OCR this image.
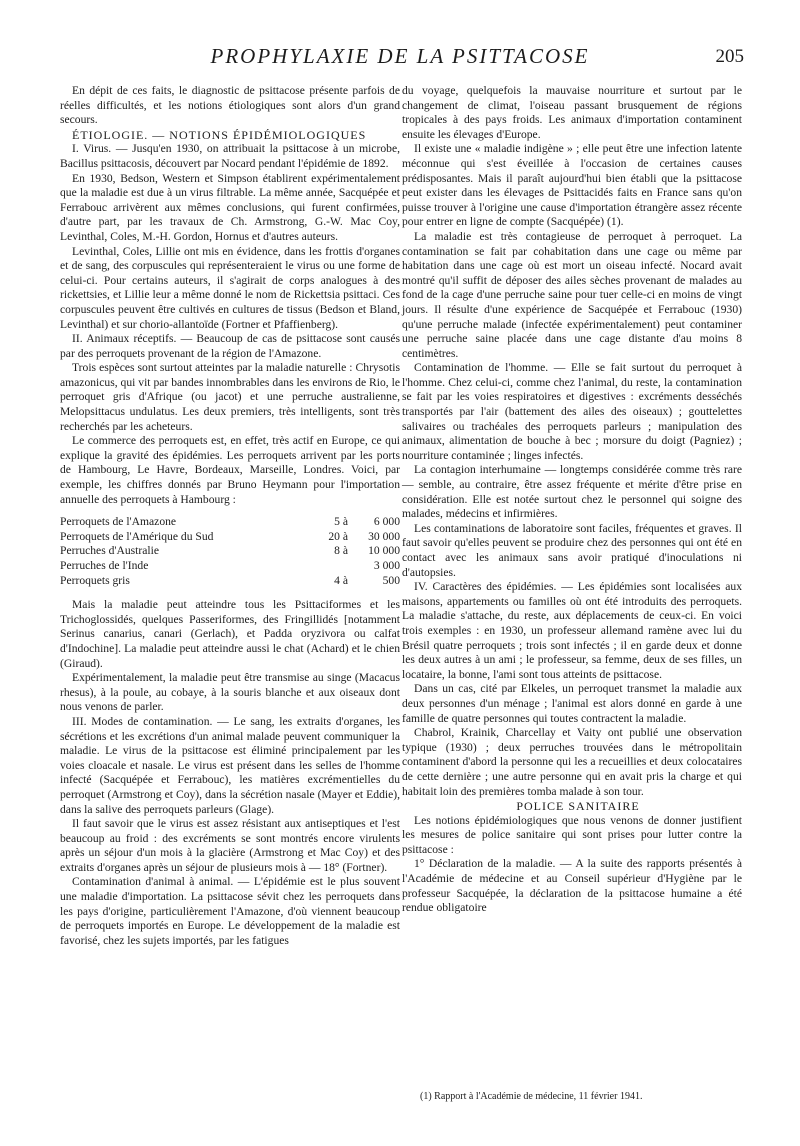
PROPHYLAXIE DE LA PSITTACOSE	205

En dépit de ces faits, le diagnostic de psittacose présente parfois de réelles difficultés, et les notions étiologiques sont alors d'un grand secours.

ÉTIOLOGIE. — NOTIONS ÉPIDÉMIOLOGIQUES

I. Virus. — Jusqu'en 1930, on attribuait la psittacose à un microbe, Bacillus psittacosis, découvert par Nocard pendant l'épidémie de 1892.

En 1930, Bedson, Western et Simpson établirent expérimentalement que la maladie est due à un virus filtrable. La même année, Sacquépée et Ferrabouc arrivèrent aux mêmes conclusions, qui furent confirmées, d'autre part, par les travaux de Ch. Armstrong, G.-W. Mac Coy, Levinthal, Coles, M.-H. Gordon, Hornus et d'autres auteurs.

Levinthal, Coles, Lillie ont mis en évidence, dans les frottis d'organes et de sang, des corpuscules qui représenteraient le virus ou une forme de celui-ci. Pour certains auteurs, il s'agirait de corps analogues à des rickettsies, et Lillie leur a même donné le nom de Rickettsia psittaci. Ces corpuscules peuvent être cultivés en cultures de tissus (Bedson et Bland, Levinthal) et sur chorio-allantoïde (Fortner et Pfaffienberg).

II. Animaux réceptifs. — Beaucoup de cas de psittacose sont causés par des perroquets provenant de la région de l'Amazone.

Trois espèces sont surtout atteintes par la maladie naturelle : Chrysotis amazonicus, qui vit par bandes innombrables dans les environs de Rio, le perroquet gris d'Afrique (ou jacot) et une perruche australienne, Melopsittacus undulatus. Les deux premiers, très intelligents, sont très recherchés par les acheteurs.

Le commerce des perroquets est, en effet, très actif en Europe, ce qui explique la gravité des épidémies. Les perroquets arrivent par les ports de Hambourg, Le Havre, Bordeaux, Marseille, Londres. Voici, par exemple, les chiffres donnés par Bruno Heymann pour l'importation annuelle des perroquets à Hambourg :

Perroquets de l'Amazone	5 à	6 000
Perroquets de l'Amérique du Sud	20 à	30 000
Perruches d'Australie	8 à	10 000
Perruches de l'Inde		3 000
Perroquets gris	4 à	500

Mais la maladie peut atteindre tous les Psittaciformes et les Trichoglossidés, quelques Passeriformes, des Fringillidés [notamment Serinus canarius, canari (Gerlach), et Padda oryzivora ou calfat d'Indochine]. La maladie peut atteindre aussi le chat (Achard) et le chien (Giraud).

Expérimentalement, la maladie peut être transmise au singe (Macacus rhesus), à la poule, au cobaye, à la souris blanche et aux oiseaux dont nous venons de parler.

III. Modes de contamination. — Le sang, les extraits d'organes, les sécrétions et les excrétions d'un animal malade peuvent communiquer la maladie. Le virus de la psittacose est éliminé principalement par les voies cloacale et nasale. Le virus est présent dans les selles de l'homme infecté (Sacquépée et Ferrabouc), les matières excrémentielles du perroquet (Armstrong et Coy), dans la sécrétion nasale (Mayer et Eddie), dans la salive des perroquets parleurs (Glage).

Il faut savoir que le virus est assez résistant aux antiseptiques et l'est beaucoup au froid : des excréments se sont montrés encore virulents après un séjour d'un mois à la glacière (Armstrong et Mac Coy) et des extraits d'organes après un séjour de plusieurs mois à — 18° (Fortner).

Contamination d'animal à animal. — L'épidémie est le plus souvent une maladie d'importation. La psittacose sévit chez les perroquets dans les pays d'origine, particulièrement l'Amazone, d'où viennent beaucoup de perroquets importés en Europe. Le développement de la maladie est favorisé, chez les sujets importés, par les fatigues

du voyage, quelquefois la mauvaise nourriture et surtout par le changement de climat, l'oiseau passant brusquement de régions tropicales à des pays froids. Les animaux d'importation contaminent ensuite les élevages d'Europe.

Il existe une « maladie indigène » ; elle peut être une infection latente méconnue qui s'est éveillée à l'occasion de certaines causes prédisposantes. Mais il paraît aujourd'hui bien établi que la psittacose peut exister dans les élevages de Psittacidés faits en France sans qu'on puisse trouver à l'origine une cause d'importation étrangère assez récente pour entrer en ligne de compte (Sacquépée) (1).

La maladie est très contagieuse de perroquet à perroquet. La contamination se fait par cohabitation dans une cage ou même par habitation dans une cage où est mort un oiseau infecté. Nocard avait montré qu'il suffit de déposer des ailes sèches provenant de malades au fond de la cage d'une perruche saine pour tuer celle-ci en moins de vingt jours. Il résulte d'une expérience de Sacquépée et Ferrabouc (1930) qu'une perruche malade (infectée expérimentalement) peut contaminer une perruche saine placée dans une cage distante d'au moins 8 centimètres.

Contamination de l'homme. — Elle se fait surtout du perroquet à l'homme. Chez celui-ci, comme chez l'animal, du reste, la contamination se fait par les voies respiratoires et digestives : excréments desséchés transportés par l'air (battement des ailes des oiseaux) ; gouttelettes salivaires ou trachéales des perroquets parleurs ; manipulation des animaux, alimentation de bouche à bec ; morsure du doigt (Pagniez) ; nourriture contaminée ; linges infectés.

La contagion interhumaine — longtemps considérée comme très rare — semble, au contraire, être assez fréquente et mérite d'être prise en considération. Elle est notée surtout chez le personnel qui soigne des malades, médecins et infirmières.

Les contaminations de laboratoire sont faciles, fréquentes et graves. Il faut savoir qu'elles peuvent se produire chez des personnes qui ont été en contact avec les animaux sans avoir pratiqué d'inoculations ni d'autopsies.

IV. Caractères des épidémies. — Les épidémies sont localisées aux maisons, appartements ou familles où ont été introduits des perroquets. La maladie s'attache, du reste, aux déplacements de ceux-ci. En voici trois exemples : en 1930, un professeur allemand ramène avec lui du Brésil quatre perroquets ; trois sont infectés ; il en garde deux et donne les deux autres à un ami ; le professeur, sa femme, deux de ses filles, un locataire, la bonne, l'ami sont tous atteints de psittacose.

Dans un cas, cité par Elkeles, un perroquet transmet la maladie aux deux personnes d'un ménage ; l'animal est alors donné en garde à une famille de quatre personnes qui toutes contractent la maladie.

Chabrol, Krainik, Charcellay et Vaity ont publié une observation typique (1930) ; deux perruches trouvées dans le métropolitain contaminent d'abord la personne qui les a recueillies et deux colocataires de cette dernière ; une autre personne qui en avait pris la charge et qui habitait loin des premières tomba malade à son tour.

POLICE SANITAIRE

Les notions épidémiologiques que nous venons de donner justifient les mesures de police sanitaire qui sont prises pour lutter contre la psittacose :

1° Déclaration de la maladie. — A la suite des rapports présentés à l'Académie de médecine et au Conseil supérieur d'Hygiène par le professeur Sacquépée, la déclaration de la psittacose humaine a été rendue obligatoire

(1) Rapport à l'Académie de médecine, 11 février 1941.
